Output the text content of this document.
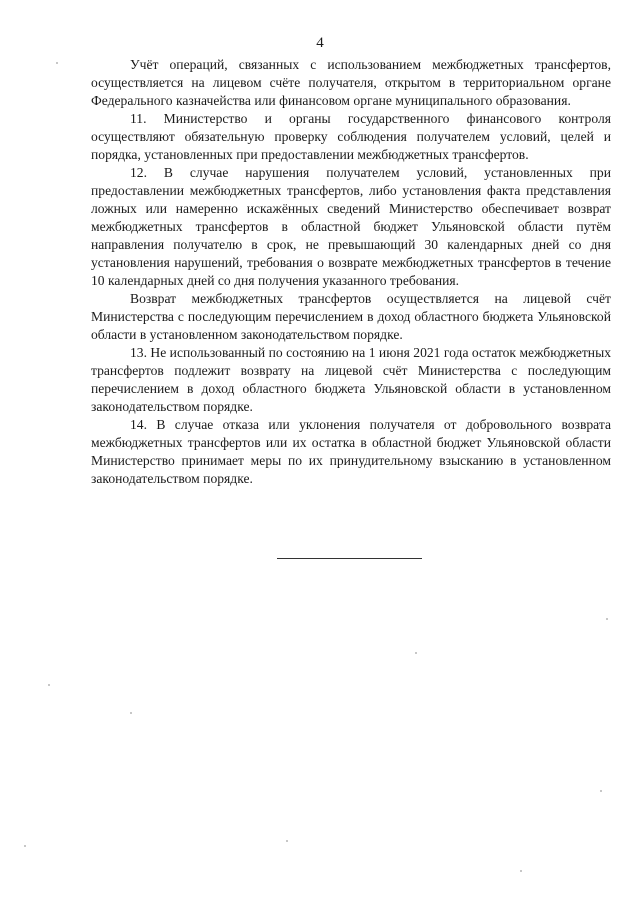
4

Учёт операций, связанных с использованием межбюджетных трансфертов, осуществляется на лицевом счёте получателя, открытом в территориальном органе Федерального казначейства или финансовом органе муниципального образования.

11. Министерство и органы государственного финансового контроля осуществляют обязательную проверку соблюдения получателем условий, целей и порядка, установленных при предоставлении межбюджетных трансфертов.

12. В случае нарушения получателем условий, установленных при предоставлении межбюджетных трансфертов, либо установления факта представления ложных или намеренно искажённых сведений Министерство обеспечивает возврат межбюджетных трансфертов в областной бюджет Ульяновской области путём направления получателю в срок, не превышающий 30 календарных дней со дня установления нарушений, требования о возврате межбюджетных трансфертов в течение 10 календарных дней со дня получения указанного требования.

Возврат межбюджетных трансфертов осуществляется на лицевой счёт Министерства с последующим перечислением в доход областного бюджета Ульяновской области в установленном законодательством порядке.

13. Не использованный по состоянию на 1 июня 2021 года остаток межбюджетных трансфертов подлежит возврату на лицевой счёт Министерства с последующим перечислением в доход областного бюджета Ульяновской области в установленном законодательством порядке.

14. В случае отказа или уклонения получателя от добровольного возврата межбюджетных трансфертов или их остатка в областной бюджет Ульяновской области Министерство принимает меры по их принудительному взысканию в установленном законодательством порядке.
